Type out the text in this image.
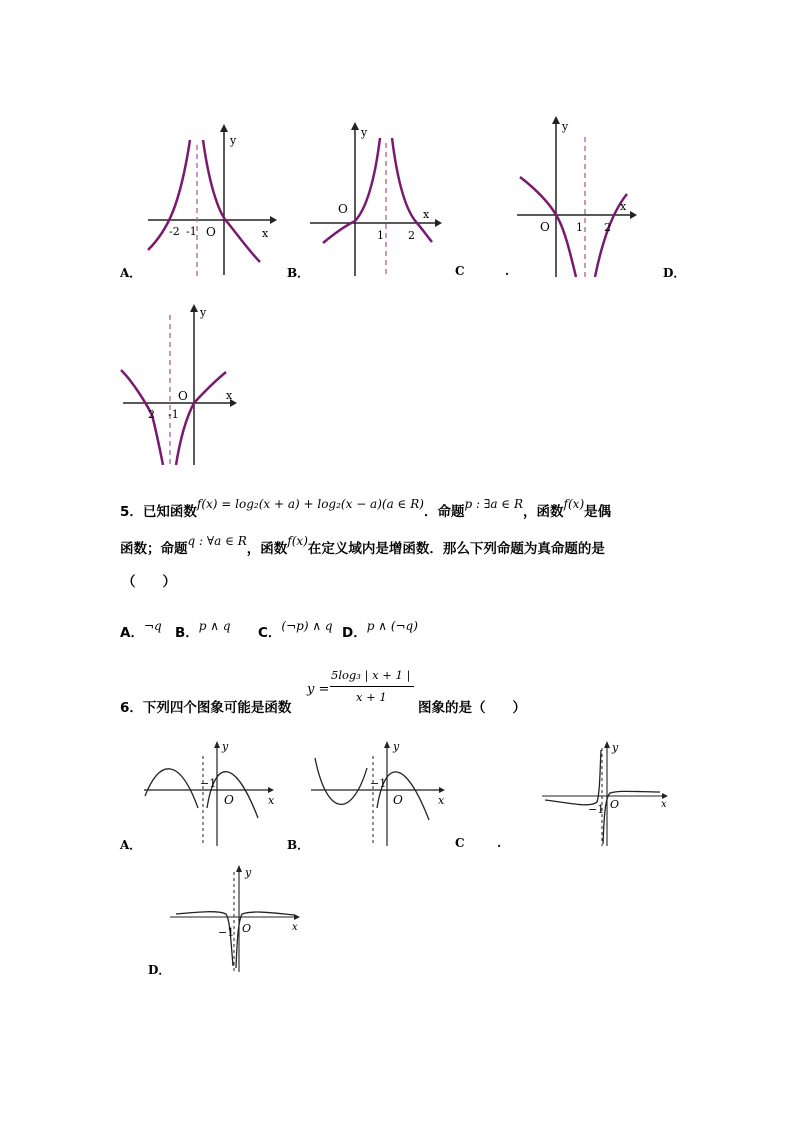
-2 -1 O	x
y
A．
O
1 2
x
y
B．
O 1 2
x
y
C	.	D．
2 -1
O	x
y
5．已知函数f(x) = log₂(x + a) + log₂(x − a)(a ∈ R)．命题p : ∃a ∈ R，函数f(x)是偶
函数；命题q : ∀a ∈ R，函数f(x)在定义域内是增函数．那么下列命题为真命题的是
（　　）
A．¬q B．p ∧ q C．(¬p) ∧ q D．p ∧ (¬q)
6．下列四个图象可能是函数
y =
5log₃ | x + 1 |
x + 1
图象的是（　　）
y
−1
O	x
A．
y
−1
O	x
B．
y
−1 O	x
C	.
y
−1 O	x
D．
